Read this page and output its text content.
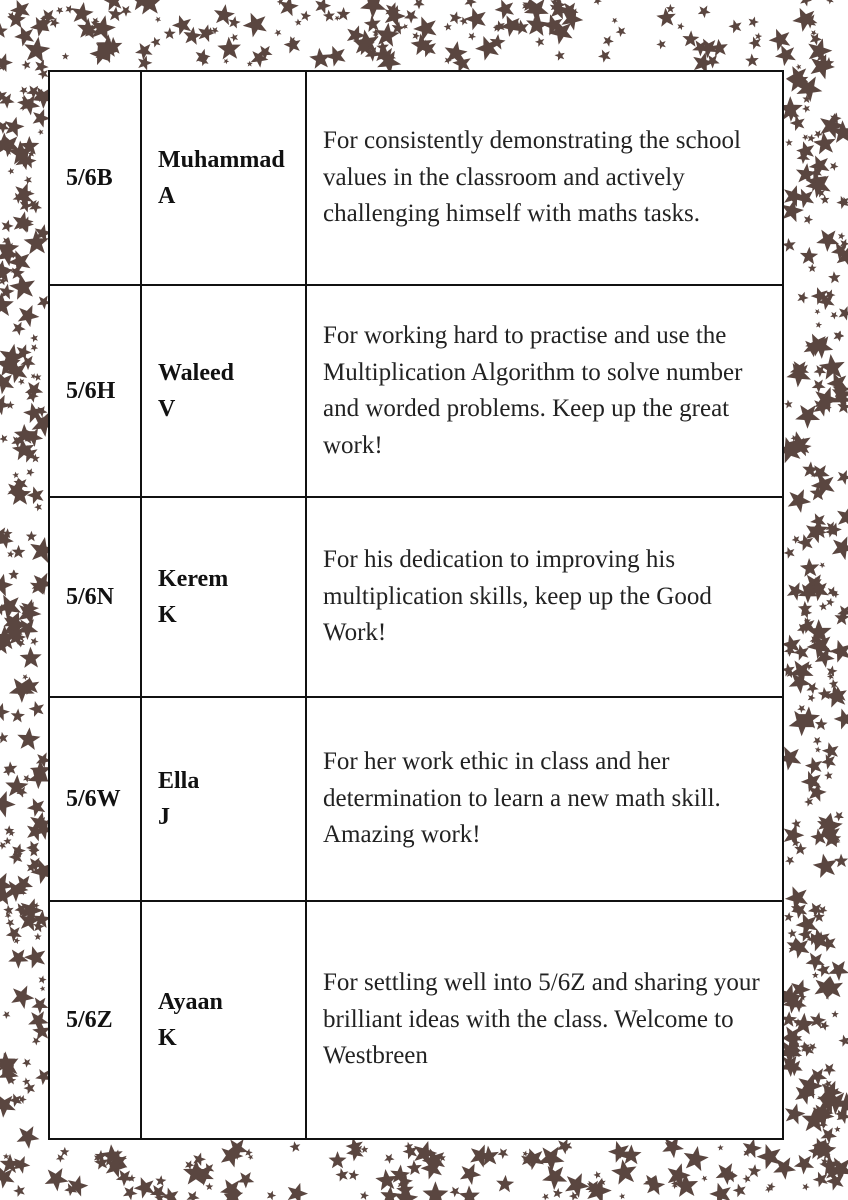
5/6B
Muhammad
A
For consistently demonstrating the school values in the classroom and actively challenging himself with maths tasks.
5/6H
Waleed
V
For working hard to practise and use the Multiplication Algorithm to solve number and worded problems. Keep up the great work!
5/6N
Kerem
K
For his dedication to improving his multiplication skills, keep up the Good Work!
5/6W
Ella
J
For her work ethic in class and her determination to learn a new math skill. Amazing work!
5/6Z
Ayaan
K
For settling well into 5/6Z and sharing your brilliant ideas with the class. Welcome to Westbreen
